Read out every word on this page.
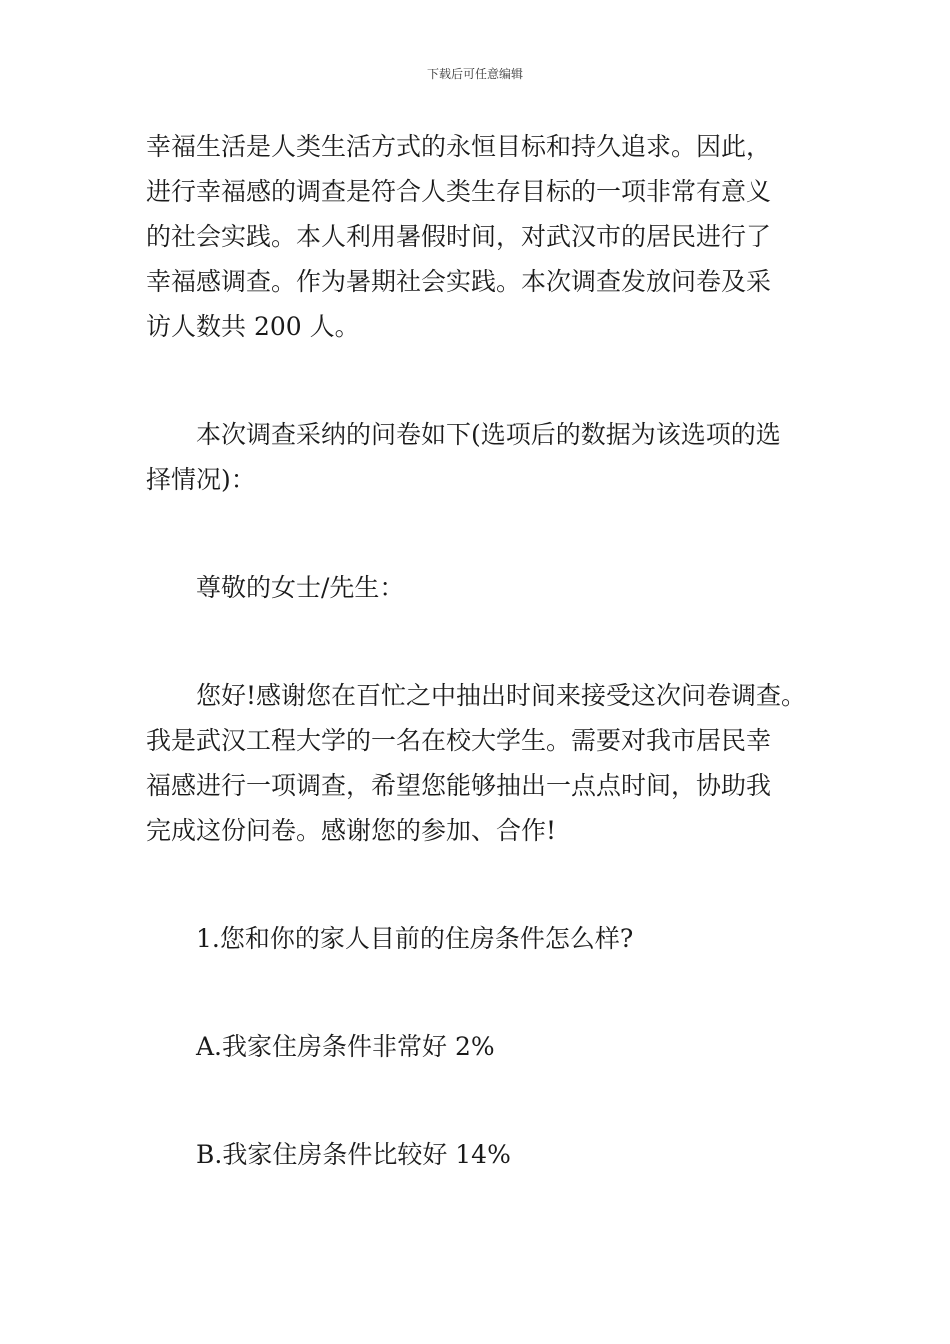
下载后可任意编辑

幸福生活是人类生活方式的永恒目标和持久追求。因此，
进行幸福感的调查是符合人类生存目标的一项非常有意义
的社会实践。本人利用暑假时间，对武汉市的居民进行了
幸福感调查。作为暑期社会实践。本次调查发放问卷及采
访人数共 200 人。

本次调查采纳的问卷如下(选项后的数据为该选项的选
择情况)：

尊敬的女士/先生：

您好!感谢您在百忙之中抽出时间来接受这次问卷调查。
我是武汉工程大学的一名在校大学生。需要对我市居民幸
福感进行一项调查，希望您能够抽出一点点时间，协助我
完成这份问卷。感谢您的参加、合作!

1.您和你的家人目前的住房条件怎么样?

A.我家住房条件非常好 2%

B.我家住房条件比较好 14%
